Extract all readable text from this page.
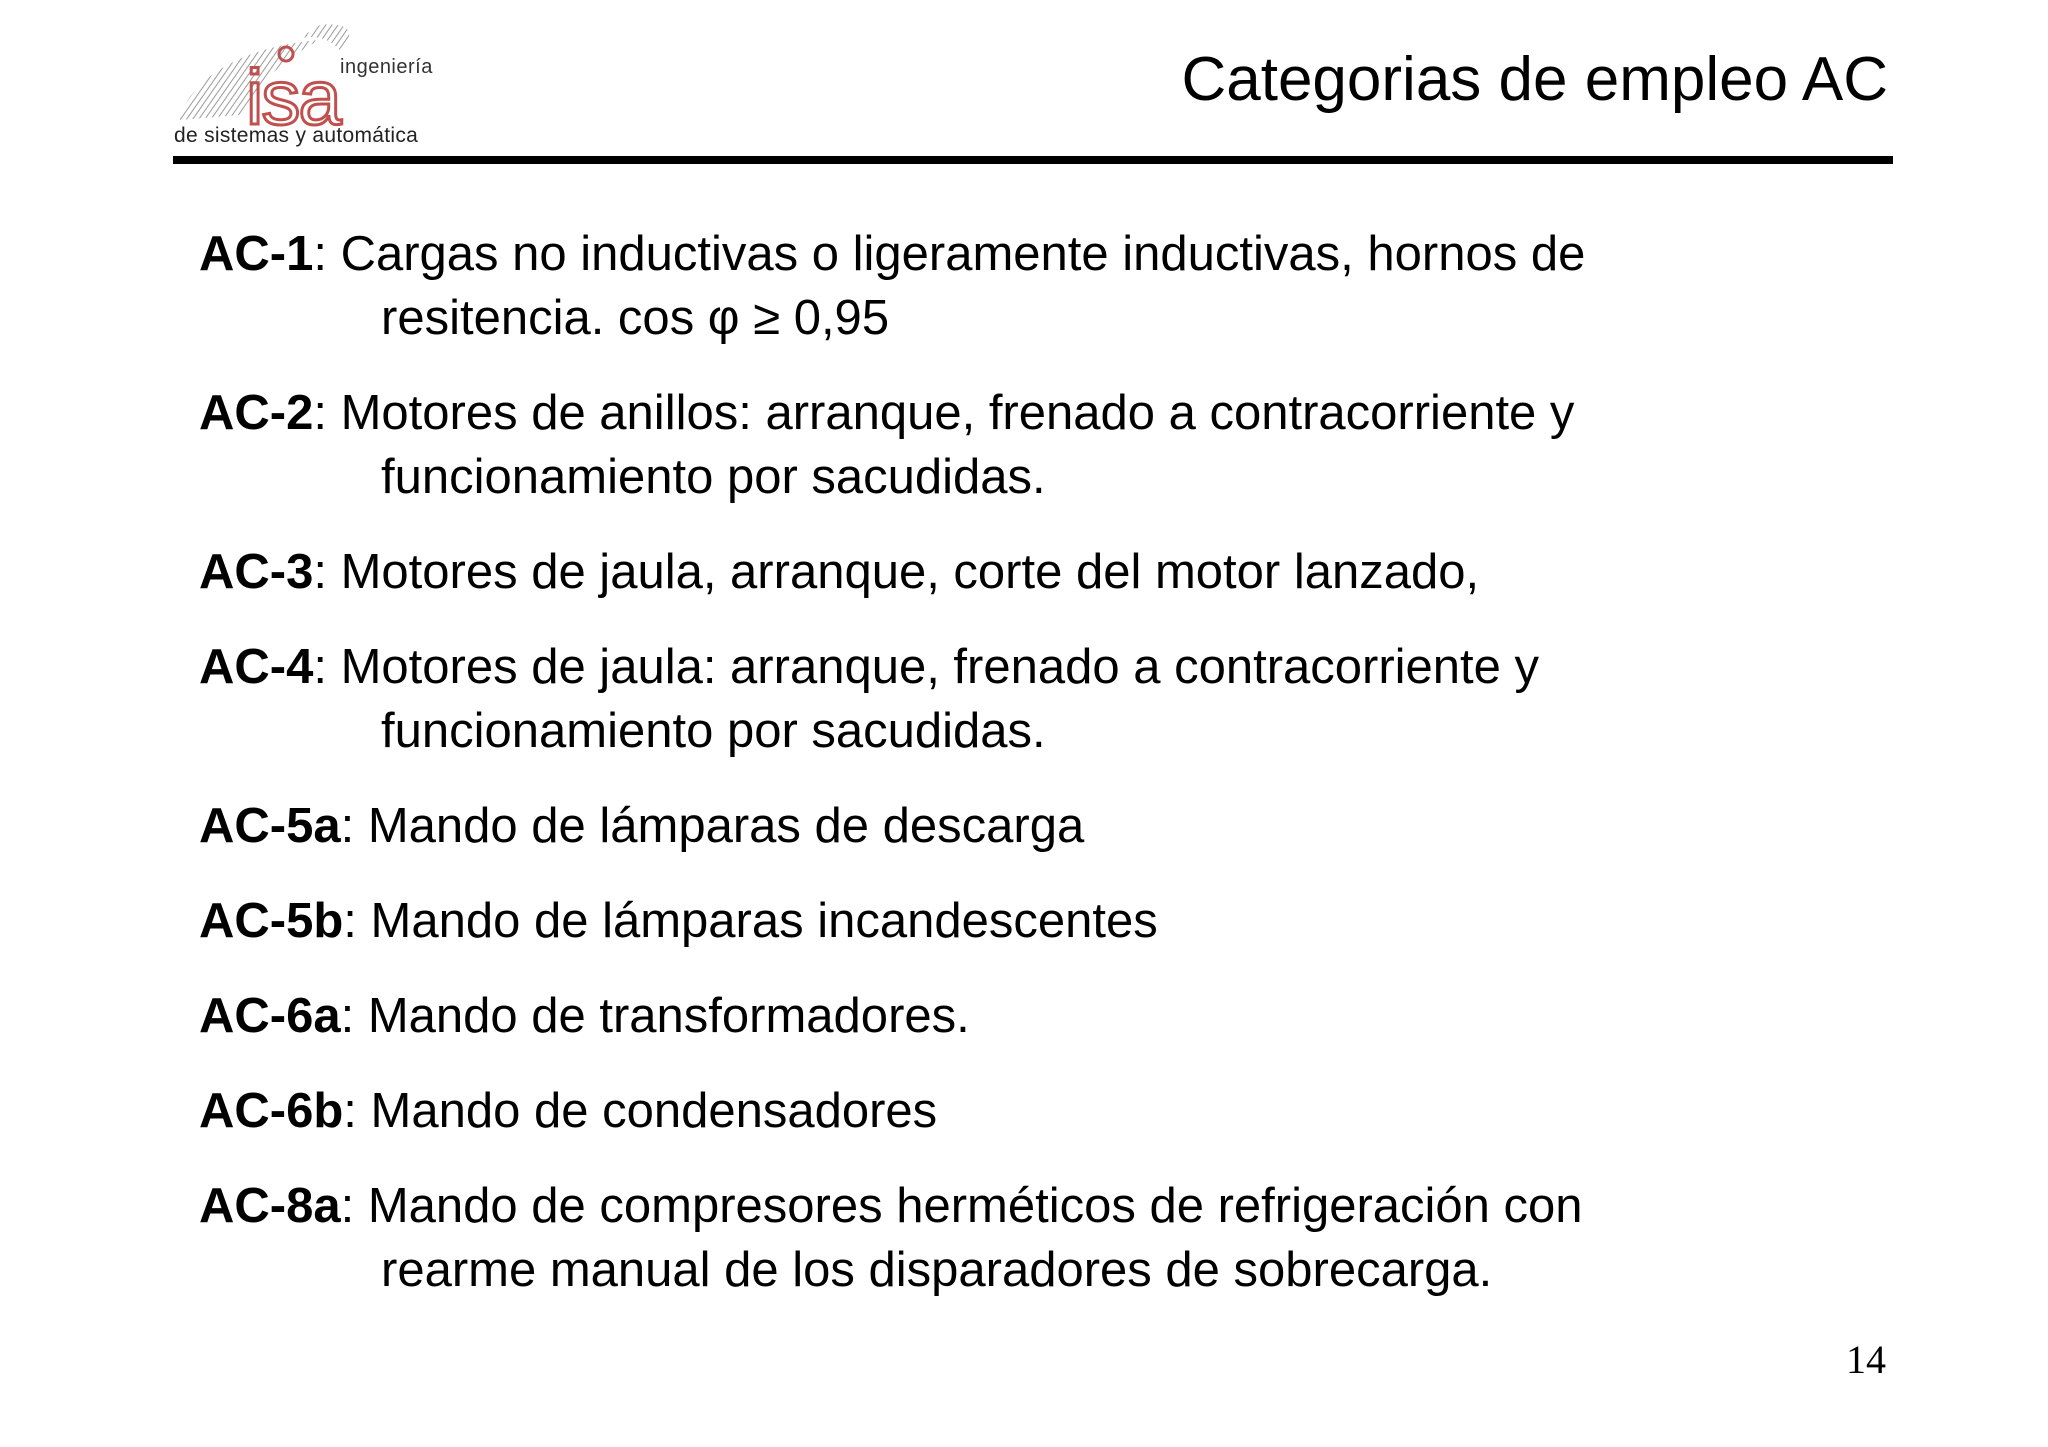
ingeniería
isa
de sistemas y automática
Categorias de empleo AC
AC-1: Cargas no inductivas o ligeramente inductivas, hornos de
resitencia. cos φ ≥ 0,95
AC-2: Motores de anillos: arranque, frenado a contracorriente y
funcionamiento por sacudidas.
AC-3: Motores de jaula, arranque, corte del motor lanzado,
AC-4: Motores de jaula: arranque, frenado a contracorriente y
funcionamiento por sacudidas.
AC-5a: Mando de lámparas de descarga
AC-5b: Mando de lámparas incandescentes
AC-6a: Mando de transformadores.
AC-6b: Mando de condensadores
AC-8a: Mando de compresores herméticos de refrigeración con
rearme manual de los disparadores de sobrecarga.
14
